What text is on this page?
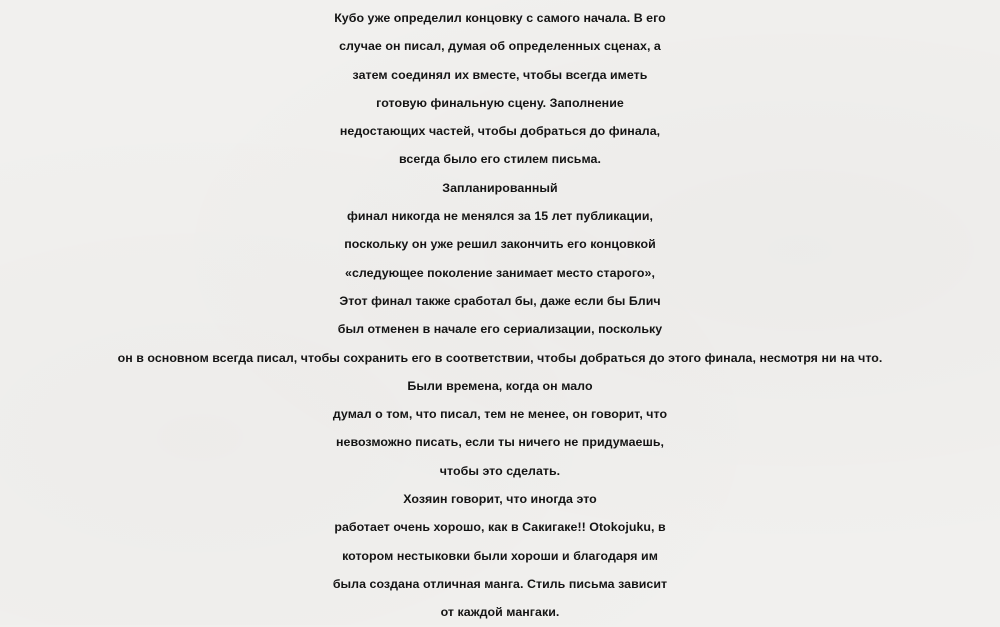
Кубо уже определил концовку с самого начала. В его
случае он писал, думая об определенных сценах, а
затем соединял их вместе, чтобы всегда иметь
готовую финальную сцену. Заполнение
недостающих частей, чтобы добраться до финала,
всегда было его стилем письма.
Запланированный
финал никогда не менялся за 15 лет публикации,
поскольку он уже решил закончить его концовкой
«следующее поколение занимает место старого»,
Этот финал также сработал бы, даже если бы Блич
был отменен в начале его сериализации, поскольку
он в основном всегда писал, чтобы сохранить его в соответствии, чтобы добраться до этого финала, несмотря ни на что.
Были времена, когда он мало
думал о том, что писал, тем не менее, он говорит, что
невозможно писать, если ты ничего не придумаешь,
чтобы это сделать.
Хозяин говорит, что иногда это
работает очень хорошо, как в Сакигаке!! Otokojuku, в
котором нестыковки были хороши и благодаря им
была создана отличная манга. Стиль письма зависит
от каждой мангаки.
